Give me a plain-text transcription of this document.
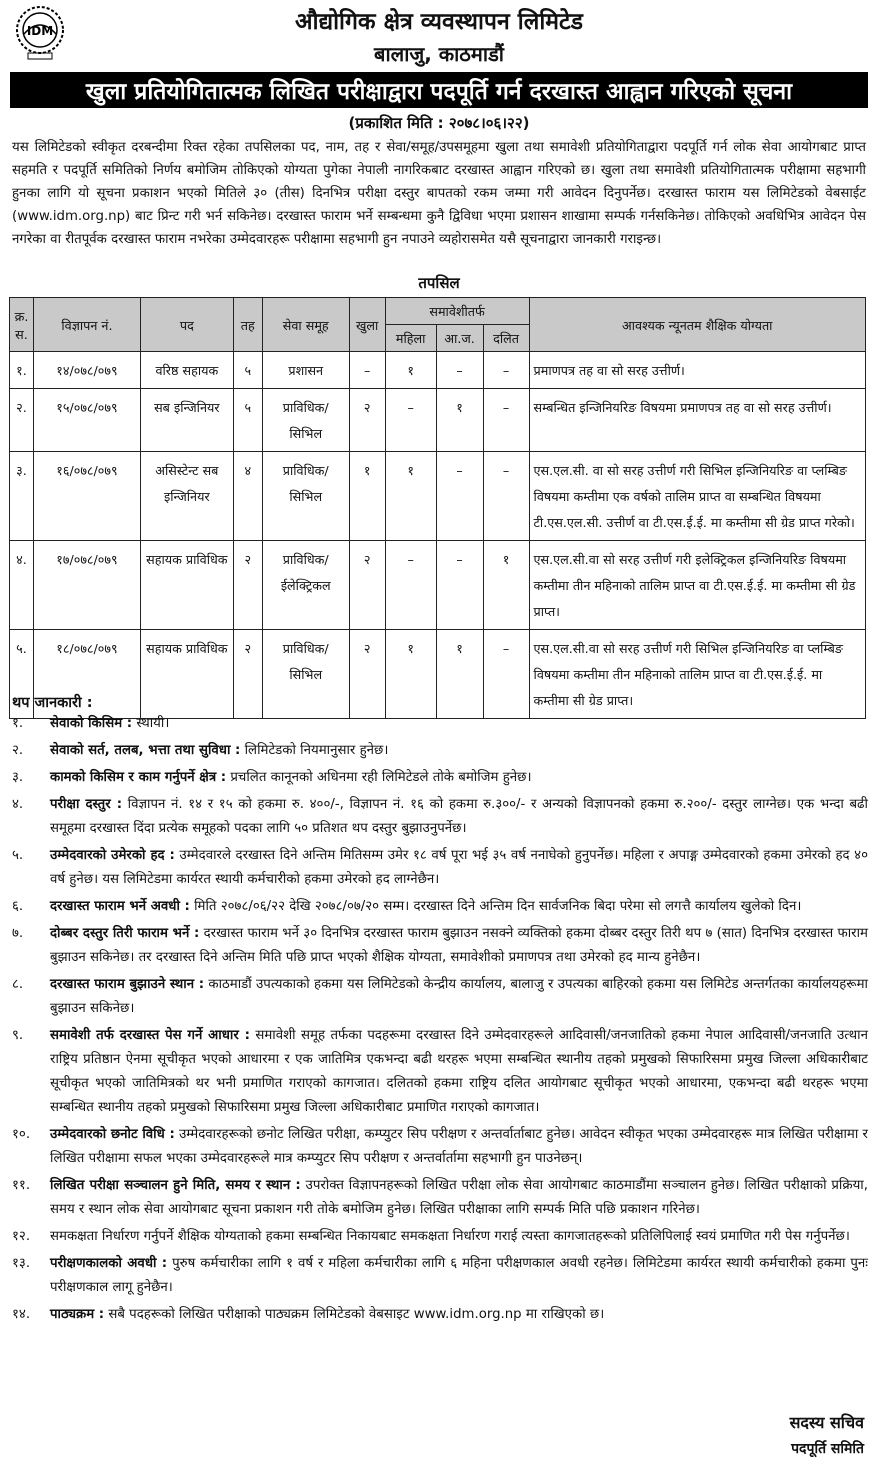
IDM	औद्योगिक क्षेत्र व्यवस्थापन लिमिटेड
बालाजु, काठमाडौं
खुला प्रतियोगितात्मक लिखित परीक्षाद्वारा पदपूर्ति गर्न दरखास्त आह्वान गरिएको सूचना
(प्रकाशित मिति : २०७८।०६।२२)
यस लिमिटेडको स्वीकृत दरबन्दीमा रिक्त रहेका तपसिलका पद, नाम, तह र सेवा/समूह/उपसमूहमा खुला तथा समावेशी प्रतियोगिताद्वारा पदपूर्ति गर्न लोक सेवा आयोगबाट प्राप्त सहमति र पदपूर्ति समितिको निर्णय बमोजिम तोकिएको योग्यता पुगेका नेपाली नागरिकबाट दरखास्त आह्वान गरिएको छ। खुला तथा समावेशी प्रतियोगितात्मक परीक्षामा सहभागी हुनका लागि यो सूचना प्रकाशन भएको मितिले ३० (तीस) दिनभित्र परीक्षा दस्तुर बापतको रकम जम्मा गरी आवेदन दिनुपर्नेछ। दरखास्त फाराम यस लिमिटेडको वेबसाईट (www.idm.org.np) बाट प्रिन्ट गरी भर्न सकिनेछ। दरखास्त फाराम भर्ने सम्बन्धमा कुनै द्विविधा भएमा प्रशासन शाखामा सम्पर्क गर्नसकिनेछ। तोकिएको अवधिभित्र आवेदन पेस नगरेका वा रीतपूर्वक दरखास्त फाराम नभरेका उम्मेदवारहरू परीक्षामा सहभागी हुन नपाउने व्यहोरासमेत यसै सूचनाद्वारा जानकारी गराइन्छ।
तपसिल
क्र. स.	विज्ञापन नं.	पद	तह	सेवा समूह	खुला	समावेशीतर्फ			आवश्यक न्यूनतम शैक्षिक योग्यता
						महिला	आ.ज.	दलित	
१.	१४/०७८/०७९	वरिष्ठ सहायक	५	प्रशासन	–	१	–	–	प्रमाणपत्र तह वा सो सरह उत्तीर्ण।
२.	१५/०७८/०७९	सब इन्जिनियर	५	प्राविधिक/ सिभिल	२	–	१	–	सम्बन्धित इन्जिनियरिङ विषयमा प्रमाणपत्र तह वा सो सरह उत्तीर्ण।
३.	१६/०७८/०७९	असिस्टेन्ट सब इन्जिनियर	४	प्राविधिक/ सिभिल	१	१	–	–	एस.एल.सी. वा सो सरह उत्तीर्ण गरी सिभिल इन्जिनियरिङ वा प्लम्बिङ विषयमा कम्तीमा एक वर्षको तालिम प्राप्त वा सम्बन्धित विषयमा टी.एस.एल.सी. उत्तीर्ण वा टी.एस.ई.ई. मा कम्तीमा सी ग्रेड प्राप्त गरेको।
४.	१७/०७८/०७९	सहायक प्राविधिक	२	प्राविधिक/ ईलेक्ट्रिकल	२	–	–	१	एस.एल.सी.वा सो सरह उत्तीर्ण गरी इलेक्ट्रिकल इन्जिनियरिङ विषयमा कम्तीमा तीन महिनाको तालिम प्राप्त वा टी.एस.ई.ई. मा कम्तीमा सी ग्रेड प्राप्त।
५.	१८/०७८/०७९	सहायक प्राविधिक	२	प्राविधिक/ सिभिल	२	१	१	–	एस.एल.सी.वा सो सरह उत्तीर्ण गरी सिभिल इन्जिनियरिङ वा प्लम्बिङ विषयमा कम्तीमा तीन महिनाको तालिम प्राप्त वा टी.एस.ई.ई. मा कम्तीमा सी ग्रेड प्राप्त।
थप जानकारी :
१.	सेवाको किसिम : स्थायी।
२.	सेवाको सर्त, तलब, भत्ता तथा सुविधा : लिमिटेडको नियमानुसार हुनेछ।
३.	कामको किसिम र काम गर्नुपर्ने क्षेत्र : प्रचलित कानूनको अधिनमा रही लिमिटेडले तोके बमोजिम हुनेछ।
४.	परीक्षा दस्तुर : विज्ञापन नं. १४ र १५ को हकमा रु. ४००/-, विज्ञापन नं. १६ को हकमा रु.३००/- र अन्यको विज्ञापनको हकमा रु.२००/- दस्तुर लाग्नेछ। एक भन्दा बढी समूहमा दरखास्त दिंदा प्रत्येक समूहको पदका लागि ५० प्रतिशत थप दस्तुर बुझाउनुपर्नेछ।
५.	उम्मेदवारको उमेरको हद : उम्मेदवारले दरखास्त दिने अन्तिम मितिसम्म उमेर १८ वर्ष पूरा भई ३५ वर्ष ननाघेको हुनुपर्नेछ। महिला र अपाङ्ग उम्मेदवारको हकमा उमेरको हद ४० वर्ष हुनेछ। यस लिमिटेडमा कार्यरत स्थायी कर्मचारीको हकमा उमेरको हद लाग्नेछैन।
६.	दरखास्त फाराम भर्ने अवधी : मिति २०७८/०६/२२ देखि २०७८/०७/२० सम्म। दरखास्त दिने अन्तिम दिन सार्वजनिक बिदा परेमा सो लगत्तै कार्यालय खुलेको दिन।
७.	दोब्बर दस्तुर तिरी फाराम भर्ने : दरखास्त फाराम भर्ने ३० दिनभित्र दरखास्त फाराम बुझाउन नसक्ने व्यक्तिको हकमा दोब्बर दस्तुर तिरी थप ७ (सात) दिनभित्र दरखास्त फाराम बुझाउन सकिनेछ। तर दरखास्त दिने अन्तिम मिति पछि प्राप्त भएको शैक्षिक योग्यता, समावेशीको प्रमाणपत्र तथा उमेरको हद मान्य हुनेछैन।
८.	दरखास्त फाराम बुझाउने स्थान : काठमाडौं उपत्यकाको हकमा यस लिमिटेडको केन्द्रीय कार्यालय, बालाजु र उपत्यका बाहिरको हकमा यस लिमिटेड अन्तर्गतका कार्यालयहरूमा बुझाउन सकिनेछ।
९.	समावेशी तर्फ दरखास्त पेस गर्ने आधार : समावेशी समूह तर्फका पदहरूमा दरखास्त दिने उम्मेदवारहरूले आदिवासी/जनजातिको हकमा नेपाल आदिवासी/जनजाति उत्थान राष्ट्रिय प्रतिष्ठान ऐनमा सूचीकृत भएको आधारमा र एक जातिमित्र एकभन्दा बढी थरहरू भएमा सम्बन्धित स्थानीय तहको प्रमुखको सिफारिसमा प्रमुख जिल्ला अधिकारीबाट सूचीकृत भएको जातिमित्रको थर भनी प्रमाणित गराएको कागजात। दलितको हकमा राष्ट्रिय दलित आयोगबाट सूचीकृत भएको आधारमा, एकभन्दा बढी थरहरू भएमा सम्बन्धित स्थानीय तहको प्रमुखको सिफारिसमा प्रमुख जिल्ला अधिकारीबाट प्रमाणित गराएको कागजात।
१०.	उम्मेदवारको छनोट विधि : उम्मेदवारहरूको छनोट लिखित परीक्षा, कम्प्युटर सिप परीक्षण र अन्तर्वार्ताबाट हुनेछ। आवेदन स्वीकृत भएका उम्मेदवारहरू मात्र लिखित परीक्षामा र लिखित परीक्षामा सफल भएका उम्मेदवारहरूले मात्र कम्प्युटर सिप परीक्षण र अन्तर्वार्तामा सहभागी हुन पाउनेछन्।
११.	लिखित परीक्षा सञ्चालन हुने मिति, समय र स्थान : उपरोक्त विज्ञापनहरूको लिखित परीक्षा लोक सेवा आयोगबाट काठमाडौंमा सञ्चालन हुनेछ। लिखित परीक्षाको प्रक्रिया, समय र स्थान लोक सेवा आयोगबाट सूचना प्रकाशन गरी तोके बमोजिम हुनेछ। लिखित परीक्षाका लागि सम्पर्क मिति पछि प्रकाशन गरिनेछ।
१२.	समकक्षता निर्धारण गर्नुपर्ने शैक्षिक योग्यताको हकमा सम्बन्धित निकायबाट समकक्षता निर्धारण गराई त्यस्ता कागजातहरूको प्रतिलिपिलाई स्वयं प्रमाणित गरी पेस गर्नुपर्नेछ।
१३.	परीक्षणकालको अवधी : पुरुष कर्मचारीका लागि १ वर्ष र महिला कर्मचारीका लागि ६ महिना परीक्षणकाल अवधी रहनेछ। लिमिटेडमा कार्यरत स्थायी कर्मचारीको हकमा पुनः परीक्षणकाल लागू हुनेछैन।
१४.	पाठ्यक्रम : सबै पदहरूको लिखित परीक्षाको पाठ्यक्रम लिमिटेडको वेबसाइट www.idm.org.np मा राखिएको छ।
सदस्य सचिव
पदपूर्ति समिति
